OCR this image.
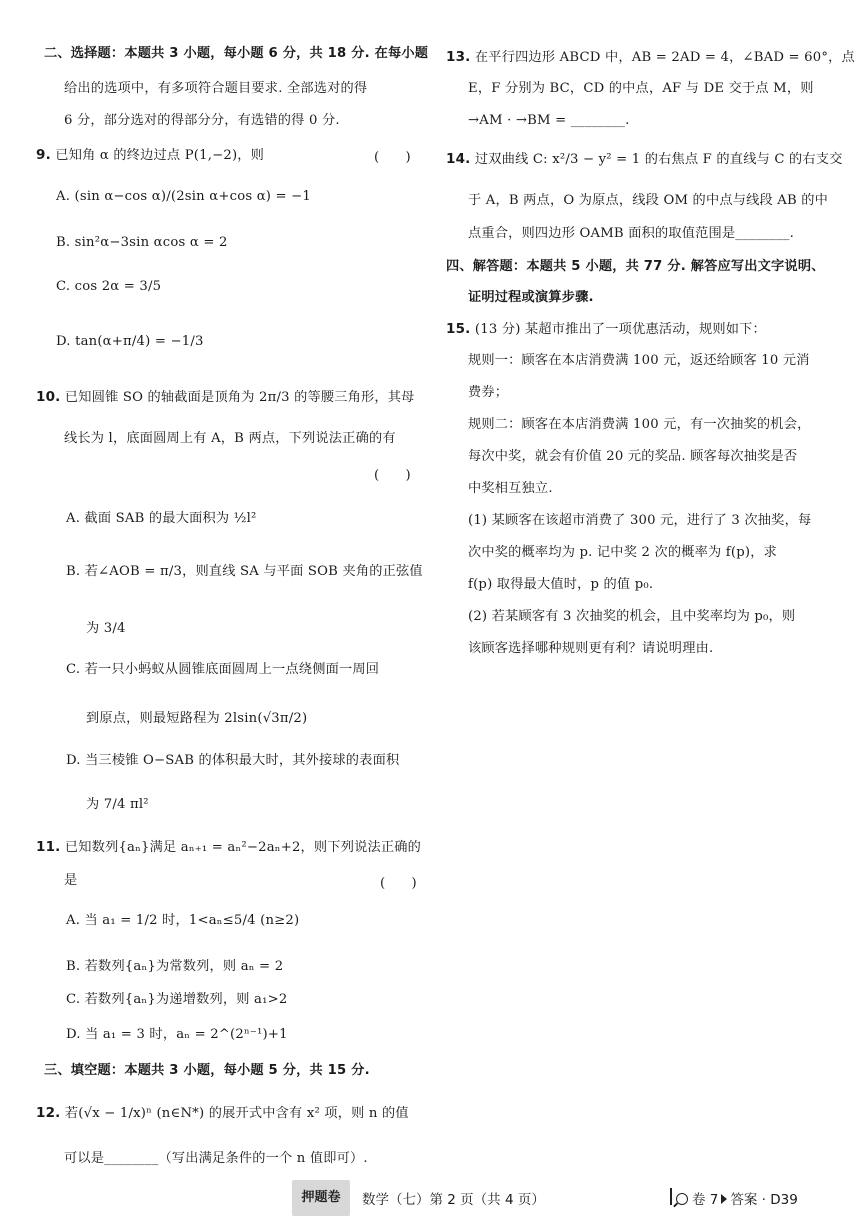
二、选择题：本题共 3 小题，每小题 6 分，共 18 分. 在每小题
给出的选项中，有多项符合题目要求. 全部选对的得
6 分，部分选对的得部分分，有选错的得 0 分.
9. 已知角 α 的终边过点 P(1,−2)，则	(　　)
A. (sin α−cos α)/(2sin α+cos α) = −1
B. sin²α−3sin αcos α = 2
C. cos 2α = 3/5
D. tan(α+π/4) = −1/3
10. 已知圆锥 SO 的轴截面是顶角为 2π/3 的等腰三角形，其母
线长为 l，底面圆周上有 A，B 两点，下列说法正确的有
(　　)
A. 截面 SAB 的最大面积为 ½l²
B. 若∠AOB = π/3，则直线 SA 与平面 SOB 夹角的正弦值
为 3/4
C. 若一只小蚂蚁从圆锥底面圆周上一点绕侧面一周回
到原点，则最短路程为 2lsin(√3π/2)
D. 当三棱锥 O−SAB 的体积最大时，其外接球的表面积
为 7/4 πl²
11. 已知数列{aₙ}满足 aₙ₊₁ = aₙ²−2aₙ+2，则下列说法正确的
是	(　　)
A. 当 a₁ = 1/2 时，1<aₙ≤5/4 (n≥2)
B. 若数列{aₙ}为常数列，则 aₙ = 2
C. 若数列{aₙ}为递增数列，则 a₁>2
D. 当 a₁ = 3 时，aₙ = 2^(2ⁿ⁻¹)+1
三、填空题：本题共 3 小题，每小题 5 分，共 15 分.
12. 若(√x − 1/x)ⁿ (n∈N*) 的展开式中含有 x² 项，则 n 的值
可以是________（写出满足条件的一个 n 值即可）.
13. 在平行四边形 ABCD 中，AB = 2AD = 4，∠BAD = 60°，点
E，F 分别为 BC，CD 的中点，AF 与 DE 交于点 M，则
→AM · →BM = ________.
14. 过双曲线 C: x²/3 − y² = 1 的右焦点 F 的直线与 C 的右支交
于 A，B 两点，O 为原点，线段 OM 的中点与线段 AB 的中
点重合，则四边形 OAMB 面积的取值范围是________.
四、解答题：本题共 5 小题，共 77 分. 解答应写出文字说明、
证明过程或演算步骤.
15. (13 分) 某超市推出了一项优惠活动，规则如下：
规则一：顾客在本店消费满 100 元，返还给顾客 10 元消
费券；
规则二：顾客在本店消费满 100 元，有一次抽奖的机会，
每次中奖，就会有价值 20 元的奖品. 顾客每次抽奖是否
中奖相互独立.
(1) 某顾客在该超市消费了 300 元，进行了 3 次抽奖，每
次中奖的概率均为 p. 记中奖 2 次的概率为 f(p)，求
f(p) 取得最大值时，p 的值 p₀.
(2) 若某顾客有 3 次抽奖的机会，且中奖率均为 p₀，则
该顾客选择哪种规则更有利？请说明理由.
押题卷	数学（七）第 2 页（共 4 页）	卷 7 答案 · D39
